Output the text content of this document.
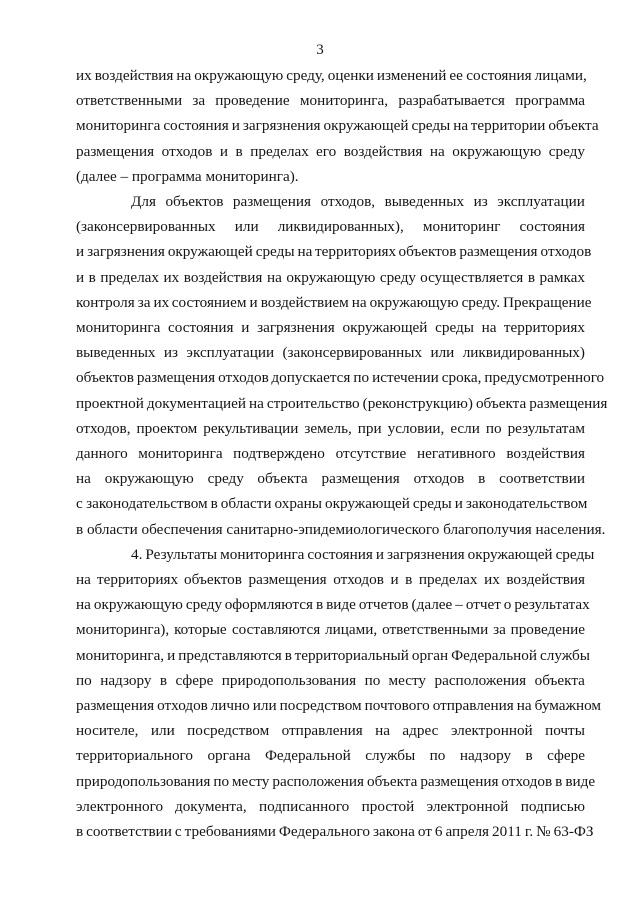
3

их воздействия на окружающую среду, оценки изменений ее состояния лицами,
ответственными за проведение мониторинга, разрабатывается программа
мониторинга состояния и загрязнения окружающей среды на территории объекта
размещения отходов и в пределах его воздействия на окружающую среду
(далее – программа мониторинга).

Для объектов размещения отходов, выведенных из эксплуатации
(законсервированных или ликвидированных), мониторинг состояния
и загрязнения окружающей среды на территориях объектов размещения отходов
и в пределах их воздействия на окружающую среду осуществляется в рамках
контроля за их состоянием и воздействием на окружающую среду. Прекращение
мониторинга состояния и загрязнения окружающей среды на территориях
выведенных из эксплуатации (законсервированных или ликвидированных)
объектов размещения отходов допускается по истечении срока, предусмотренного
проектной документацией на строительство (реконструкцию) объекта размещения
отходов, проектом рекультивации земель, при условии, если по результатам
данного мониторинга подтверждено отсутствие негативного воздействия
на окружающую среду объекта размещения отходов в соответствии
с законодательством в области охраны окружающей среды и законодательством
в области обеспечения санитарно-эпидемиологического благополучия населения.

4. Результаты мониторинга состояния и загрязнения окружающей среды
на территориях объектов размещения отходов и в пределах их воздействия
на окружающую среду оформляются в виде отчетов (далее – отчет о результатах
мониторинга), которые составляются лицами, ответственными за проведение
мониторинга, и представляются в территориальный орган Федеральной службы
по надзору в сфере природопользования по месту расположения объекта
размещения отходов лично или посредством почтового отправления на бумажном
носителе, или посредством отправления на адрес электронной почты
территориального органа Федеральной службы по надзору в сфере
природопользования по месту расположения объекта размещения отходов в виде
электронного документа, подписанного простой электронной подписью
в соответствии с требованиями Федерального закона от 6 апреля 2011 г. № 63-ФЗ
